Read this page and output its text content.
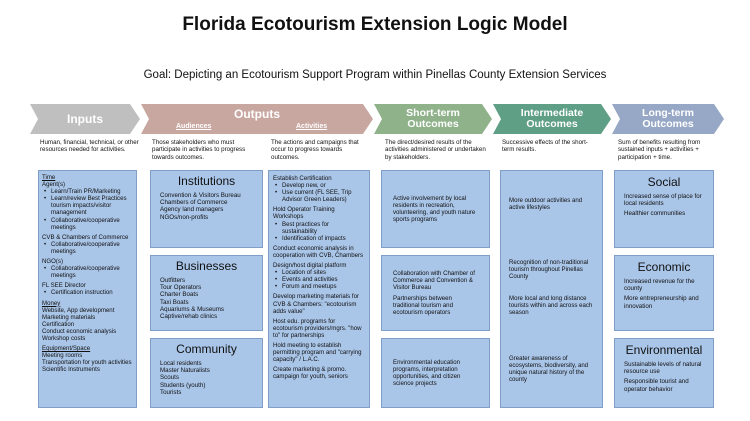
Florida Ecotourism Extension Logic Model
Goal: Depicting an Ecotourism Support Program within Pinellas County Extension Services
Inputs	Outputs
Audiences	Activities
Short-term
Outcomes
Intermediate
Outcomes
Long-term
Outcomes
Human, financial, technical, or other resources needed for activities.
Those stakeholders who must participate in activities to progress towards outcomes.
The actions and campaigns that occur to progress towards outcomes.
The direct/desired results of the activities administered or undertaken by stakeholders.
Successive effects of the short-term results.
Sum of benefits resulting from sustained inputs + activities + participation + time.
Time
Agent(s)
• Learn/Train PR/Marketing
• Learn/review Best Practices tourism impacts/visitor management
• Collaborative/cooperative meetings
CVB & Chambers of Commerce
• Collaborative/cooperative meetings
NGO(s)
• Collaborative/cooperative meetings
FL SEE Director
• Certification instruction
Money
Website, App development
Marketing materials
Certification
Conduct economic analysis
Workshop costs
Equipment/Space
Meeting rooms
Transportation for youth activities
Scientific Instruments
Institutions
Convention & Visitors Bureau
Chambers of Commerce
Agency land managers
NGOs/non-profits
Businesses
Outfitters
Tour Operators
Charter Boats
Taxi Boats
Aquariums & Museums
Captive/rehab clinics
Community
Local residents
Master Naturalists
Scouts
Students (youth)
Tourists
Establish Certification
• Develop new, or
• Use current (FL SEE, Trip Advisor Green Leaders)
Hold Operator Training Workshops
• Best practices for sustainability
• Identification of impacts
Conduct economic analysis in cooperation with CVB, Chambers
Design/host digital platform
• Location of sites
• Events and activities
• Forum and meetups
Develop marketing materials for CVB & Chambers: "ecotourism adds value"
Host edu. programs for ecotourism providers/mgrs. "how to" for partnerships
Hold meeting to establish permitting program and "carrying capacity" / L.A.C.
Create marketing & promo. campaign for youth, seniors
Active involvement by local residents in recreation, volunteering, and youth nature sports programs
Collaboration with Chamber of Commerce and Convention & Visitor Bureau
Partnerships between traditional tourism and ecotourism operators
Environmental education programs, interpretation opportunities, and citizen science projects
More outdoor activities and active lifestyles
Recognition of non-traditional tourism throughout Pinellas County
More local and long distance tourists within and across each season
Greater awareness of ecosystems, biodiversity, and unique natural history of the county
Social
Increased sense of place for local residents
Healthier communities
Economic
Increased revenue for the county
More entrepreneurship and innovation
Environmental
Sustainable levels of natural resource use
Responsible tourist and operator behavior
